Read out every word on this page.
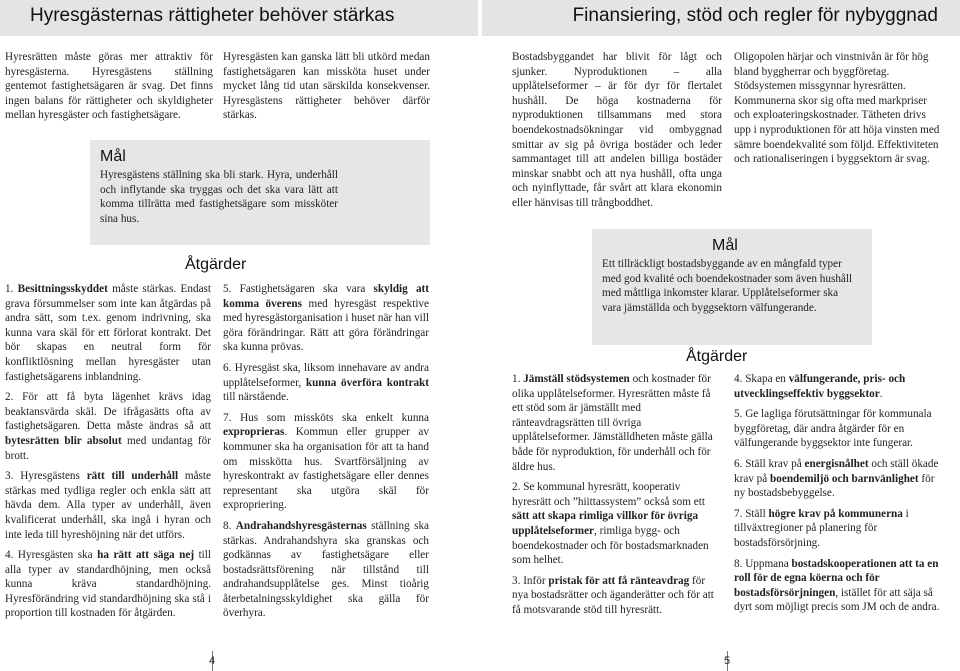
Hyresgästernas rättigheter behöver stärkas	Finansiering, stöd och regler för nybyggnad
Hyresrätten måste göras mer attraktiv för hyresgästerna. Hyresgästens ställning gentemot fastighetsägaren är svag. Det finns ingen balans för rättigheter och skyldigheter mellan hyresgäster och fastighetsägare.
Hyresgästen kan ganska lätt bli utkörd medan fastighetsägaren kan missköta huset under mycket lång tid utan särskilda konsekvenser. Hyresgästens rättigheter behöver därför stärkas.
Mål
Hyresgästens ställning ska bli stark. Hyra, underhåll och inflytande ska tryggas och det ska vara lätt att komma tillrätta med fastighetsägare som missköter sina hus.
Åtgärder

1. Besittningsskyddet måste stärkas. Endast grava försummelser som inte kan åtgärdas på andra sätt, som t.ex. genom indrivning, ska kunna vara skäl för ett förlorat kontrakt. Det bör skapas en neutral form för konfliktlösning mellan hyresgäster utan fastighetsägarens inblandning.

2. För att få byta lägenhet krävs idag beaktansvärda skäl. De ifrågasätts ofta av fastighetsägaren. Detta måste ändras så att bytesrätten blir absolut med undantag för brott.

3. Hyresgästens rätt till underhåll måste stärkas med tydliga regler och enkla sätt att hävda dem. Alla typer av underhåll, även kvalificerat underhåll, ska ingå i hyran och inte leda till hyreshöjning när det utförs.

4. Hyresgästen ska ha rätt att säga nej till alla typer av standardhöjning, men också kunna kräva standardhöjning. Hyresförändring vid standardhöjning ska stå i proportion till kostnaden för åtgärden.

5. Fastighetsägaren ska vara skyldig att komma överens med hyresgäst respektive med hyresgästorganisation i huset när han vill göra förändringar. Rätt att göra förändringar ska kunna prövas.

6. Hyresgäst ska, liksom innehavare av andra upplåtelseformer, kunna överföra kontrakt till närstående.

7. Hus som missköts ska enkelt kunna exproprieras. Kommun eller grupper av kommuner ska ha organisation för att ta hand om misskötta hus. Svartförsäljning av hyreskontrakt av fastighetsägare eller dennes representant ska utgöra skäl för expropriering.

8. Andrahandshyresgästernas ställning ska stärkas. Andrahandshyra ska granskas och godkännas av fastighetsägare eller bostadsrättsförening när tillstånd till andrahandsupplåtelse ges. Minst tioårig återbetalningsskyldighet ska gälla för överhyra.

4
Bostadsbyggandet har blivit för lågt och sjunker. Nyproduktionen – alla upplåtelseformer – är för dyr för flertalet hushåll. De höga kostnaderna för nyproduktionen tillsammans med stora boendekostnadsökningar vid ombyggnad smittar av sig på övriga bostäder och leder sammantaget till att andelen billiga bostäder minskar snabbt och att nya hushåll, ofta unga och nyinflyttade, får svårt att klara ekonomin eller hänvisas till trångboddhet.
Oligopolen härjar och vinstnivån är för hög bland byggherrar och byggföretag. Stödsystemen missgynnar hyresrätten. Kommunerna skor sig ofta med markpriser och exploateringskostnader. Tätheten drivs upp i nyproduktionen för att höja vinsten med sämre boendekvalité som följd. Effektiviteten och rationaliseringen i byggsektorn är svag.
Mål
Ett tillräckligt bostadsbyggande av en mångfald typer med god kvalité och boendekostnader som även hushåll med måttliga inkomster klarar. Upplåtelseformer ska vara jämställda och byggsektorn välfungerande.
Åtgärder

1. Jämställ stödsystemen och kostnader för olika upplåtelseformer. Hyresrätten måste få ett stöd som är jämställt med ränteavdragsrätten till övriga upplåtelseformer. Jämställdheten måste gälla både för nyproduktion, för underhåll och för äldre hus.

2. Se kommunal hyresrätt, kooperativ hyresrätt och ”hiittassystem” också som ett sätt att skapa rimliga villkor för övriga upplåtelseformer, rimliga bygg- och boendekostnader och för bostadsmarknaden som helhet.

3. Inför pristak för att få ränteavdrag för nya bostadsrätter och äganderätter och för att få motsvarande stöd till hyresrätt.

4. Skapa en välfungerande, pris- och utvecklingseffektiv byggsektor.

5. Ge lagliga förutsättningar för kommunala byggföretag, där andra åtgärder för en välfungerande byggsektor inte fungerar.

6. Ställ krav på energisnålhet och ställ ökade krav på boendemiljö och barnvänlighet för ny bostadsbebyggelse.

7. Ställ högre krav på kommunerna i tillväxtregioner på planering för bostadsförsörjning.

8. Uppmana bostadskooperationen att ta en roll för de egna köerna och för bostadsförsörjningen, istället för att säja så dyrt som möjligt precis som JM och de andra.

5
